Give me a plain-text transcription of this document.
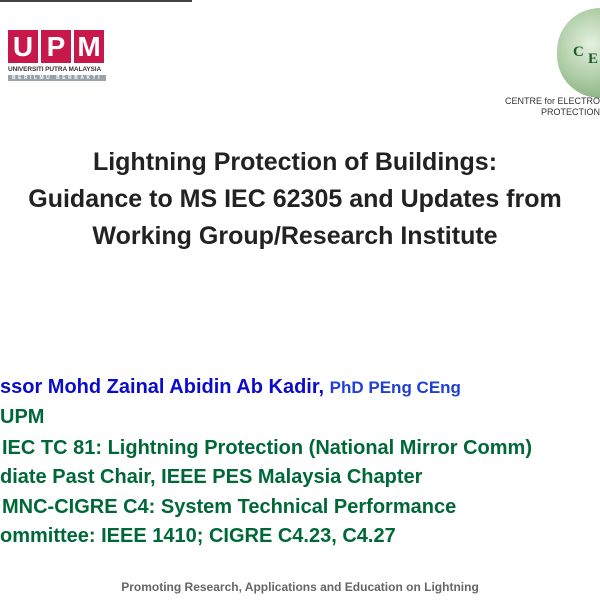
U P M
UNIVERSITI PUTRA MALAYSIA
BERILMU BERBAKTI
C E
CENTRE for ELECTRO
PROTECTION
Lightning Protection of Buildings:
Guidance to MS IEC 62305 and Updates from
Working Group/Research Institute
ssor Mohd Zainal Abidin Ab Kadir, PhD PEng CEng
UPM
IEC TC 81: Lightning Protection (National Mirror Comm)
diate Past Chair, IEEE PES Malaysia Chapter
MNC-CIGRE C4: System Technical Performance
ommittee: IEEE 1410; CIGRE C4.23, C4.27
Promoting Research, Applications and Education on Lightning
